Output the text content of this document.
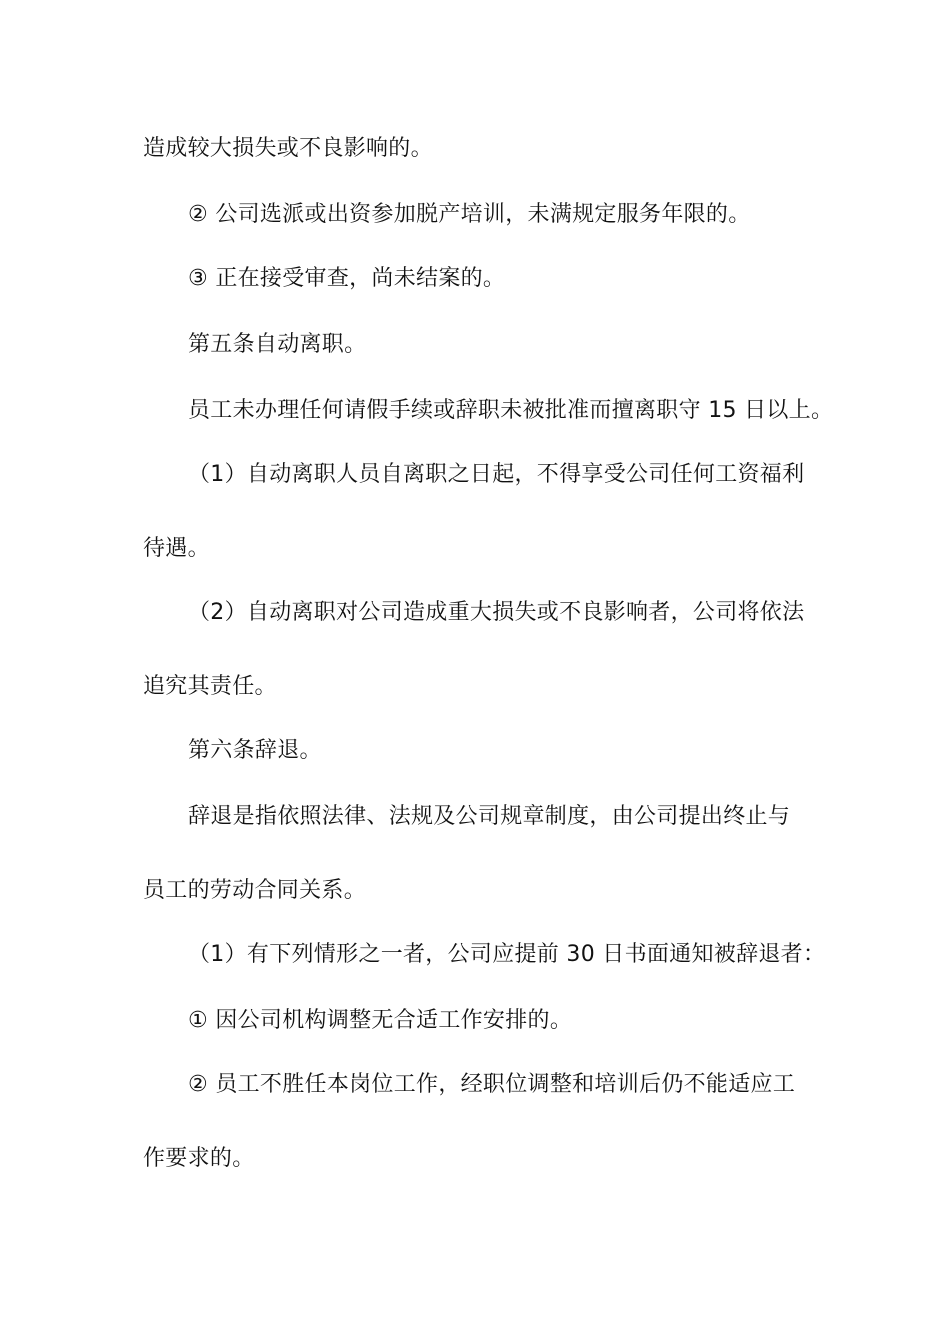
造成较大损失或不良影响的。
② 公司选派或出资参加脱产培训，未满规定服务年限的。
③ 正在接受审查，尚未结案的。
第五条自动离职。
员工未办理任何请假手续或辞职未被批准而擅离职守 15 日以上。
（1）自动离职人员自离职之日起，不得享受公司任何工资福利
待遇。
（2）自动离职对公司造成重大损失或不良影响者，公司将依法
追究其责任。
第六条辞退。
辞退是指依照法律、法规及公司规章制度，由公司提出终止与
员工的劳动合同关系。
（1）有下列情形之一者，公司应提前 30 日书面通知被辞退者：
① 因公司机构调整无合适工作安排的。
② 员工不胜任本岗位工作，经职位调整和培训后仍不能适应工
作要求的。
